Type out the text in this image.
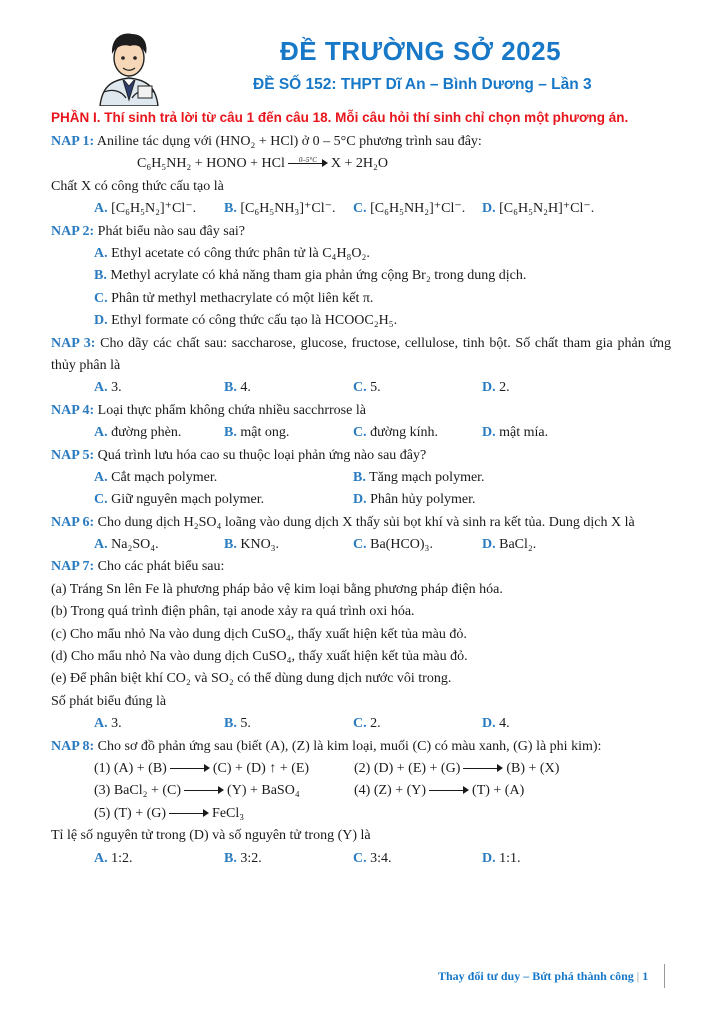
ĐỀ TRƯỜNG SỞ 2025
ĐỀ SỐ 152: THPT Dĩ An – Bình Dương – Lần 3
PHẦN I. Thí sinh trả lời từ câu 1 đến câu 18. Mỗi câu hỏi thí sinh chỉ chọn một phương án.
NAP 1: Aniline tác dụng với (HNO₂ + HCl) ở 0 – 5°C phương trình sau đây:
C₆H₅NH₂ + HONO + HCl	0–5°C	X + 2H₂O
Chất X có công thức cấu tạo là
A. [C₆H₅N₂]⁺Cl⁻. B. [C₆H₅NH₃]⁺Cl⁻. C. [C₆H₅NH₂]⁺Cl⁻. D. [C₆H₅N₂H]⁺Cl⁻.
NAP 2: Phát biểu nào sau đây sai?
A. Ethyl acetate có công thức phân tử là C₄H₈O₂.
B. Methyl acrylate có khả năng tham gia phản ứng cộng Br₂ trong dung dịch.
C. Phân tử methyl methacrylate có một liên kết π.
D. Ethyl formate có công thức cấu tạo là HCOOC₂H₅.
NAP 3: Cho dãy các chất sau: saccharose, glucose, fructose, cellulose, tinh bột. Số chất tham gia phản ứng thủy phân là
A. 3.	B. 4.	C. 5.	D. 2.
NAP 4: Loại thực phẩm không chứa nhiều sacchrrose là
A. đường phèn.	B. mật ong.	C. đường kính.	D. mật mía.
NAP 5: Quá trình lưu hóa cao su thuộc loại phản ứng nào sau đây?
A. Cắt mạch polymer.	B. Tăng mạch polymer.
C. Giữ nguyên mạch polymer.	D. Phân hủy polymer.
NAP 6: Cho dung dịch H₂SO₄ loãng vào dung dịch X thấy sủi bọt khí và sinh ra kết tủa. Dung dịch X là
A. Na₂SO₄.	B. KNO₃.	C. Ba(HCO)₃.	D. BaCl₂.
NAP 7: Cho các phát biểu sau:
(a) Tráng Sn lên Fe là phương pháp bảo vệ kim loại bằng phương pháp điện hóa.
(b) Trong quá trình điện phân, tại anode xảy ra quá trình oxi hóa.
(c) Cho mẩu nhỏ Na vào dung dịch CuSO₄, thấy xuất hiện kết tủa màu đỏ.
(d) Cho mẩu nhỏ Na vào dung dịch CuSO₄, thấy xuất hiện kết tủa màu đỏ.
(e) Để phân biệt khí CO₂ và SO₂ có thể dùng dung dịch nước vôi trong.
Số phát biểu đúng là
A. 3.	B. 5.	C. 2.	D. 4.
NAP 8: Cho sơ đồ phản ứng sau (biết (A), (Z) là kim loại, muối (C) có màu xanh, (G) là phi kim):
(1) (A) + (B)	(C) + (D) ↑ + (E)	(2) (D) + (E) + (G)	(B) + (X)
(3) BaCl₂ + (C)	(Y) + BaSO₄	(4) (Z) + (Y)	(T) + (A)
(5) (T) + (G)	FeCl₃
Tỉ lệ số nguyên tử trong (D) và số nguyên tử trong (Y) là
A. 1:2.	B. 3:2.	C. 3:4.	D. 1:1.
Thay đổi tư duy – Bứt phá thành công | 1
